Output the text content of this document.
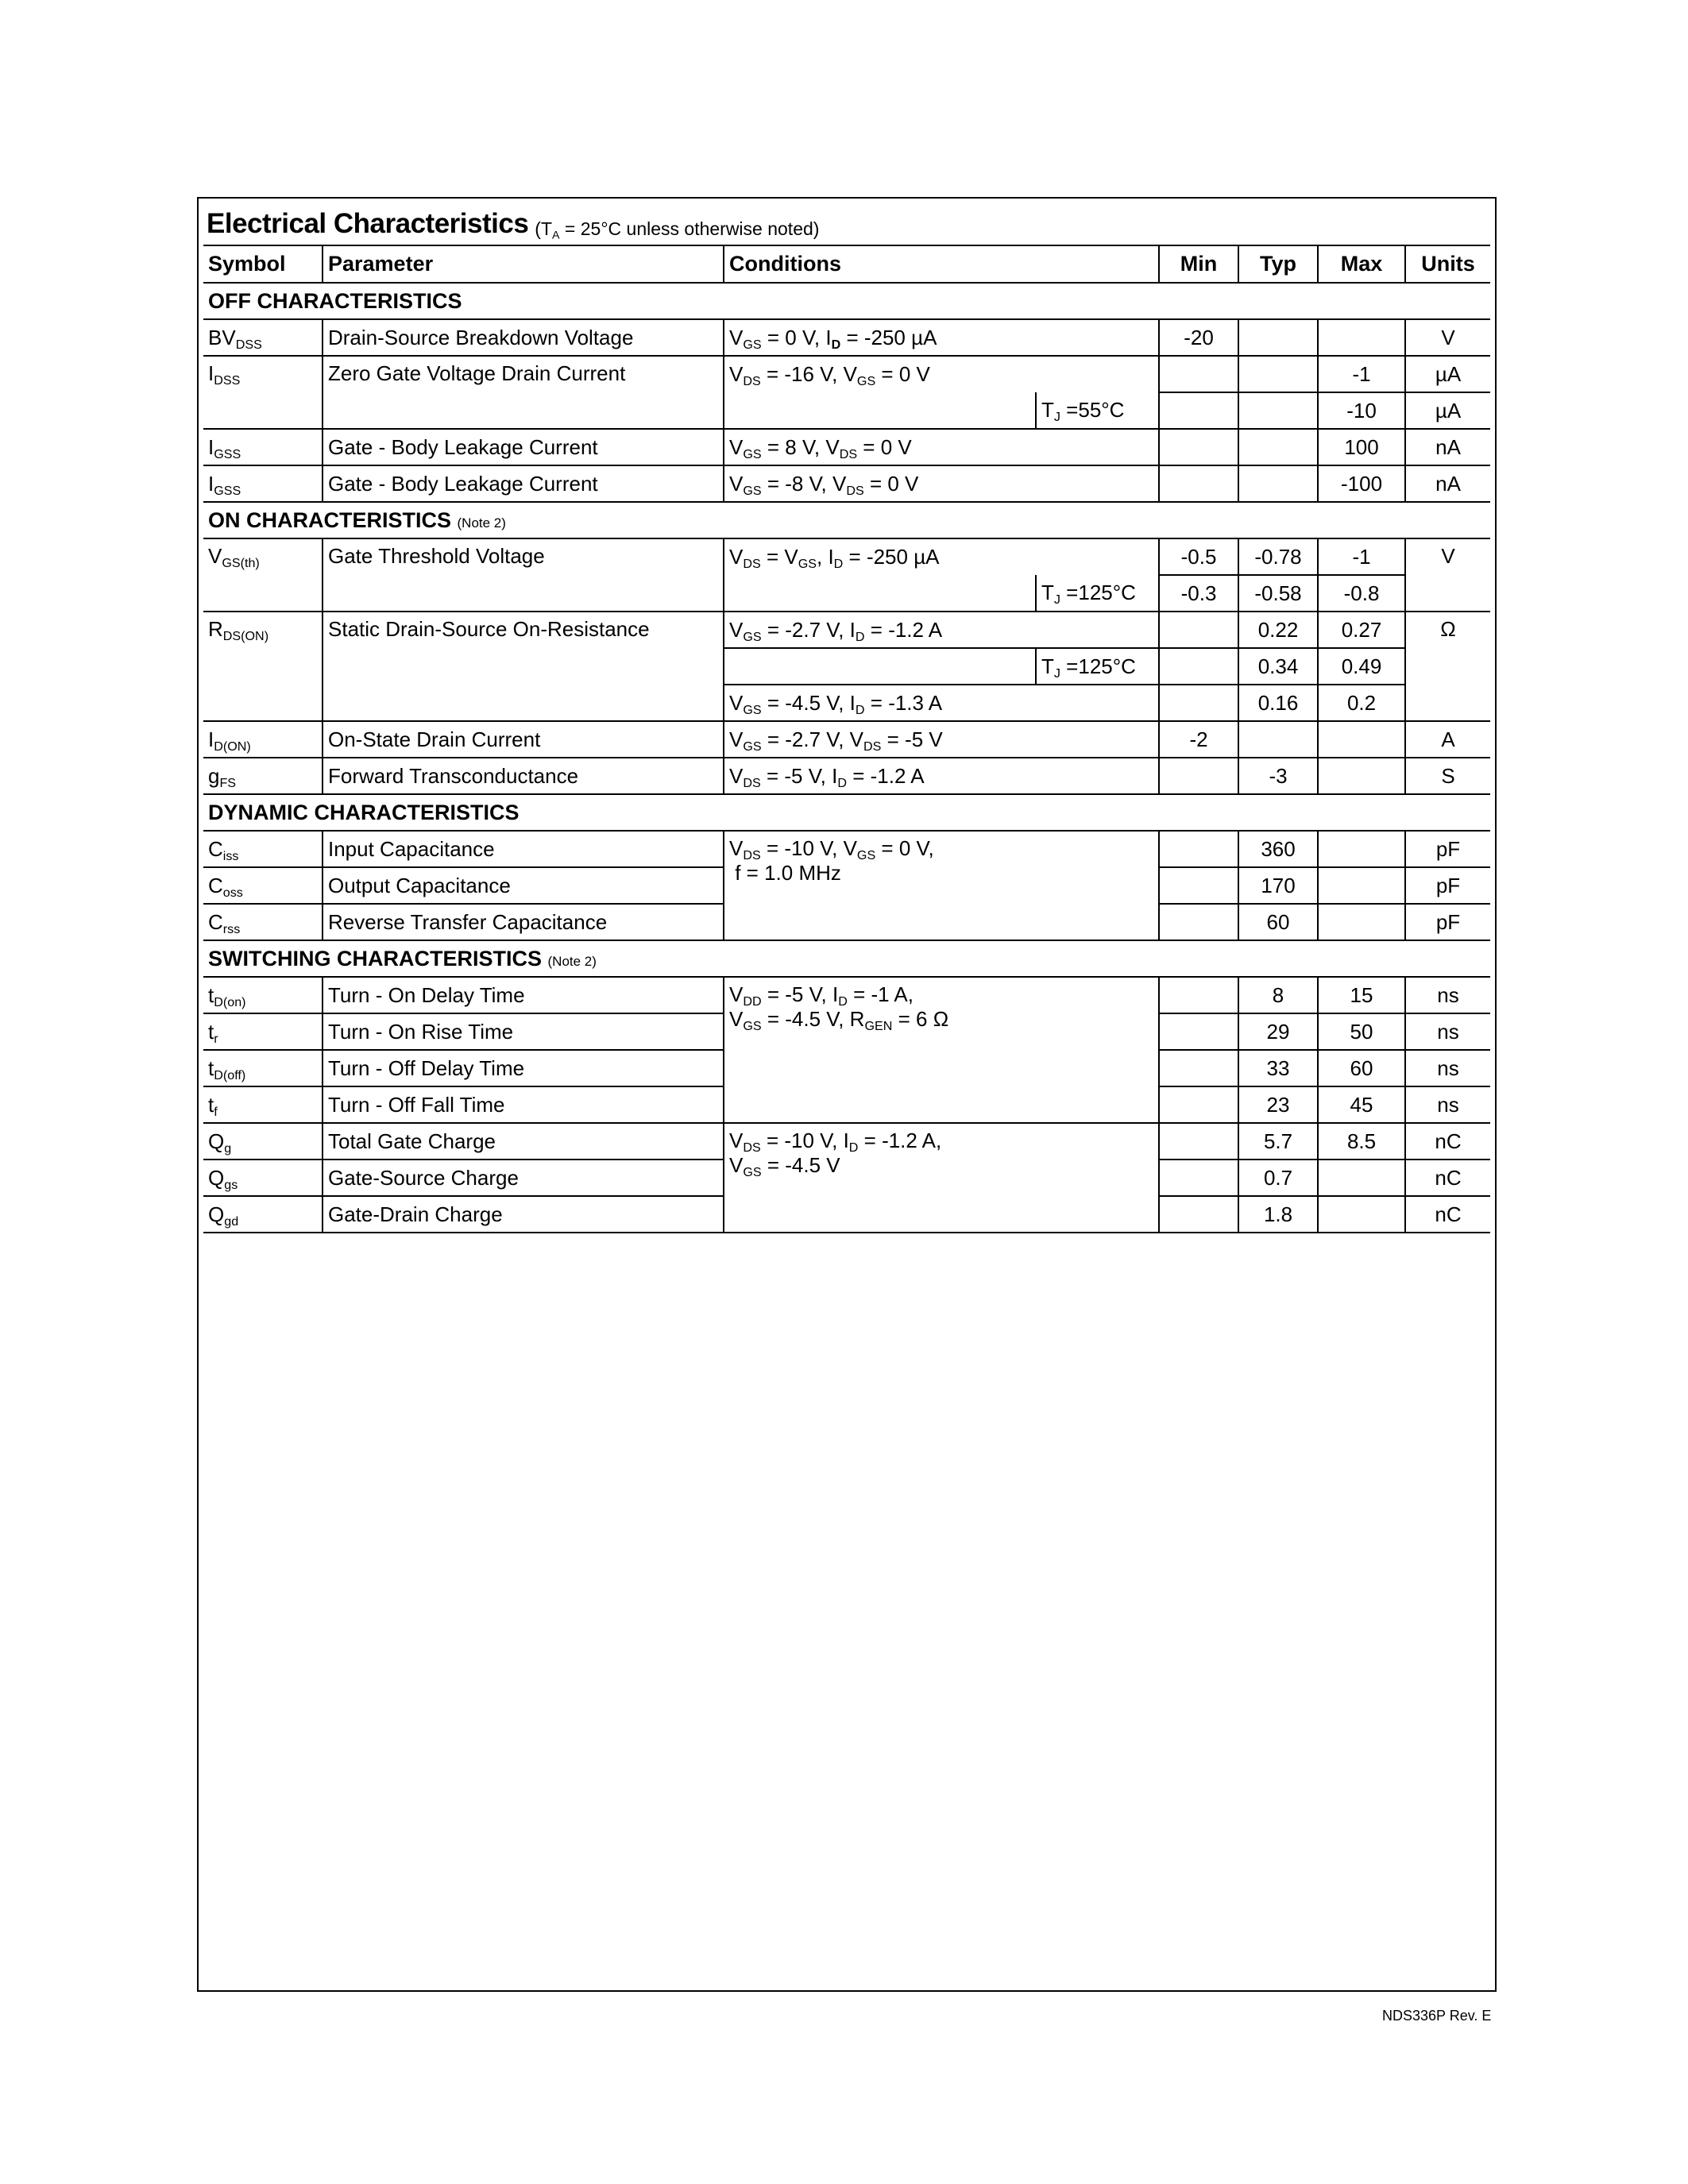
Electrical Characteristics ($T_A = 25^\circ C$ unless otherwise noted)
Symbol	Parameter	Conditions		Min	Typ	Max	Units
OFF CHARACTERISTICS							
$BV_{DSS}$	Drain-Source Breakdown Voltage	$V_{GS} = 0$ V, $I_D = -250$ µA		-20			V
$I_{DSS}$	Zero Gate Voltage Drain Current	$V_{DS} = -16$ V, $V_{GS} = 0$ V				-1	µA
			$T_J =55^\circ C$			-10	µA
$I_{GSS}$	Gate - Body Leakage Current	$V_{GS} = 8$ V, $V_{DS} = 0$ V				100	nA
$I_{GSS}$	Gate - Body Leakage Current	$V_{GS} = -8$ V, $V_{DS} = 0$ V				-100	nA
ON CHARACTERISTICS (Note 2)							
$V_{GS(th)}$	Gate Threshold Voltage	$V_{DS} = V_{GS}$, $I_D = -250$ µA		-0.5	-0.78	-1	V
			$T_J =125^\circ C$	-0.3	-0.58	-0.8	
$R_{DS(ON)}$	Static Drain-Source On-Resistance	$V_{GS} = -2.7$ V, $I_D = -1.2$ A			0.22	0.27	Ω
			$T_J =125^\circ C$		0.34	0.49	
		$V_{GS} = -4.5$ V, $I_D = -1.3$ A			0.16	0.2	
$I_{D(ON)}$	On-State Drain Current	$V_{GS} = -2.7$ V, $V_{DS} = -5$ V		-2			A
$g_{FS}$	Forward Transconductance	$V_{DS} = -5$ V, $I_D = -1.2$ A			-3		S
DYNAMIC CHARACTERISTICS							
$C_{iss}$	Input Capacitance	$V_{DS} = -10$ V, $V_{GS} = 0$ V,
f = 1.0 MHz			360		pF
$C_{oss}$	Output Capacitance				170		pF
$C_{rss}$	Reverse Transfer Capacitance				60		pF
SWITCHING CHARACTERISTICS (Note 2)							
$t_{D(on)}$	Turn - On Delay Time	$V_{DD} = -5$ V, $I_D = -1$ A,
$V_{GS} = -4.5$ V, $R_{GEN} = 6$ Ω			8	15	ns
$t_r$	Turn - On Rise Time				29	50	ns
$t_{D(off)}$	Turn - Off Delay Time				33	60	ns
$t_f$	Turn - Off Fall Time				23	45	ns
$Q_g$	Total Gate Charge	$V_{DS} = -10$ V, $I_D = -1.2$ A,
$V_{GS} = -4.5$ V			5.7	8.5	nC
$Q_{gs}$	Gate-Source Charge				0.7		nC
$Q_{gd}$	Gate-Drain Charge				1.8		nC
NDS336P Rev. E
